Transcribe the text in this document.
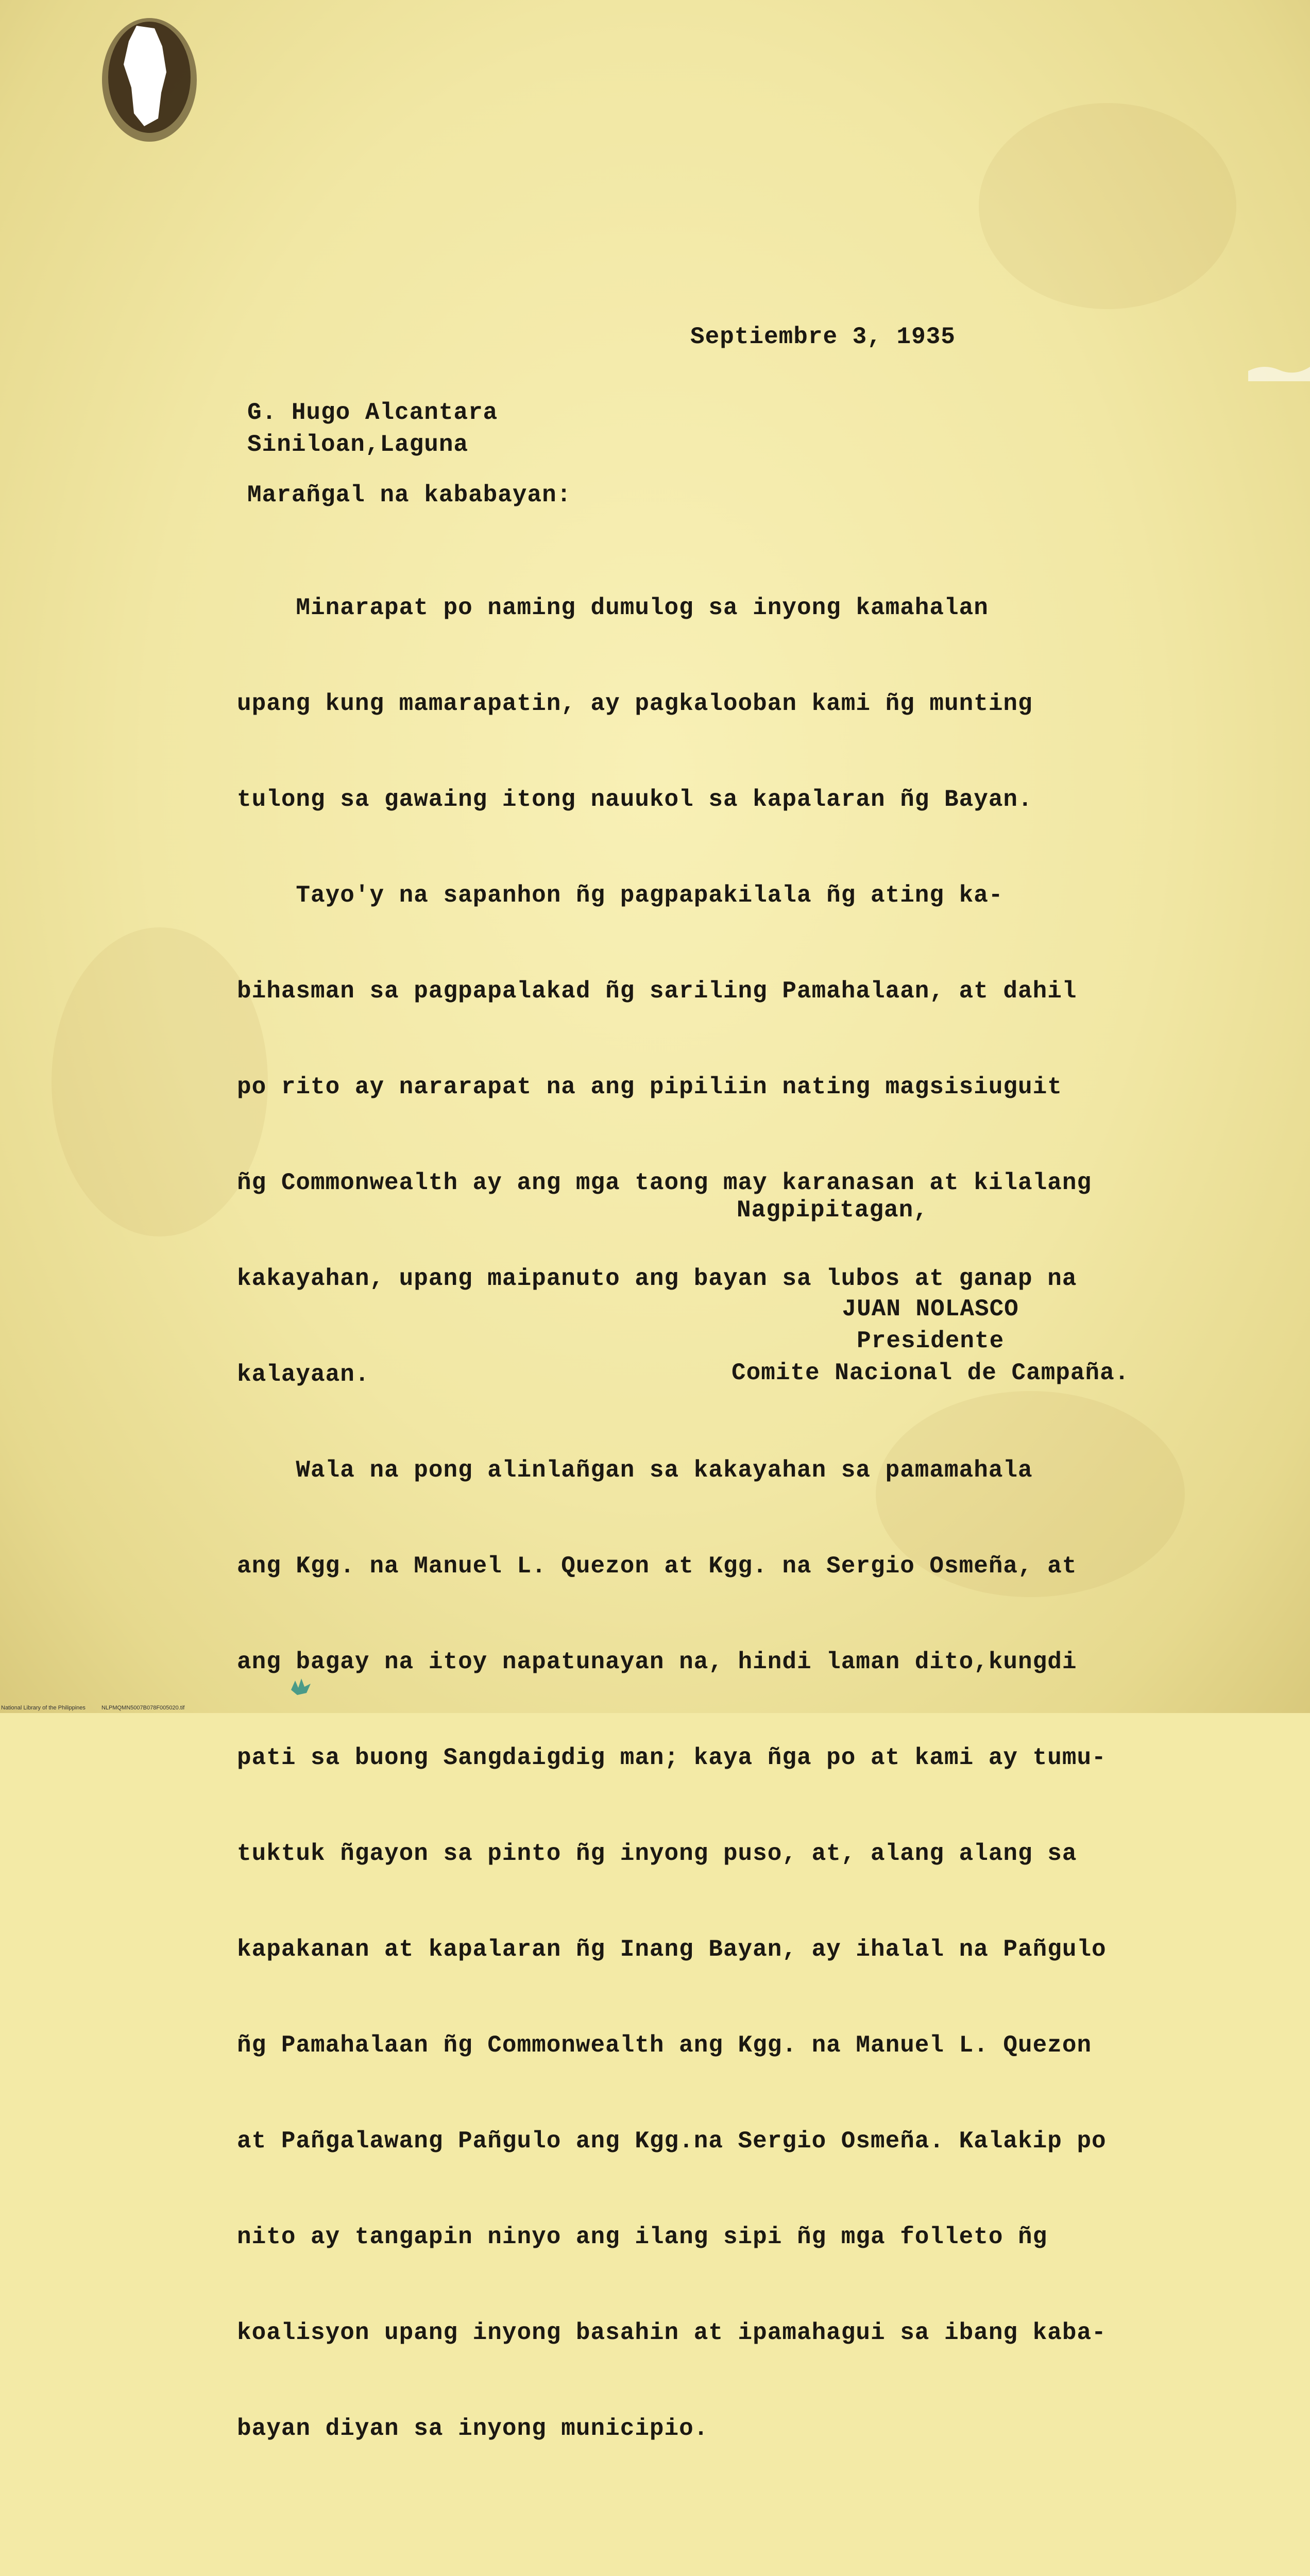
Septiembre 3, 1935
G. Hugo Alcantara
Siniloan,Laguna
Marañgal na kababayan:

Minarapat po naming dumulog sa inyong kamahalan

upang kung mamarapatin, ay pagkalooban kami ñg munting

tulong sa gawaing itong nauukol sa kapalaran ñg Bayan.

Tayo'y na sapanhon ñg pagpapakilala ñg ating ka-

bihasman sa pagpapalakad ñg sariling Pamahalaan, at dahil

po rito ay nararapat na ang pipiliin nating magsisiuguit

ñg Commonwealth ay ang mga taong may karanasan at kilalang

kakayahan, upang maipanuto ang bayan sa lubos at ganap na

kalayaan.

Wala na pong alinlañgan sa kakayahan sa pamamahala

ang Kgg. na Manuel L. Quezon at Kgg. na Sergio Osmeña, at

ang bagay na itoy napatunayan na, hindi laman dito,kungdi

pati sa buong Sangdaigdig man; kaya ñga po at kami ay tumu-

tuktuk ñgayon sa pinto ñg inyong puso, at, alang alang sa

kapakanan at kapalaran ñg Inang Bayan, ay ihalal na Pañgulo

ñg Pamahalaan ñg Commonwealth ang Kgg. na Manuel L. Quezon

at Pañgalawang Pañgulo ang Kgg.na Sergio Osmeña. Kalakip po

nito ay tangapin ninyo ang ilang sipi ñg mga folleto ñg

koalisyon upang inyong basahin at ipamahagui sa ibang kaba-

bayan diyan sa inyong municipio.

Nagpipitagan,
JUAN NOLASCO
Presidente
Comite Nacional de Campaña.
National Library of the Philippines	NLPMQMN5007B078F005020.tif
